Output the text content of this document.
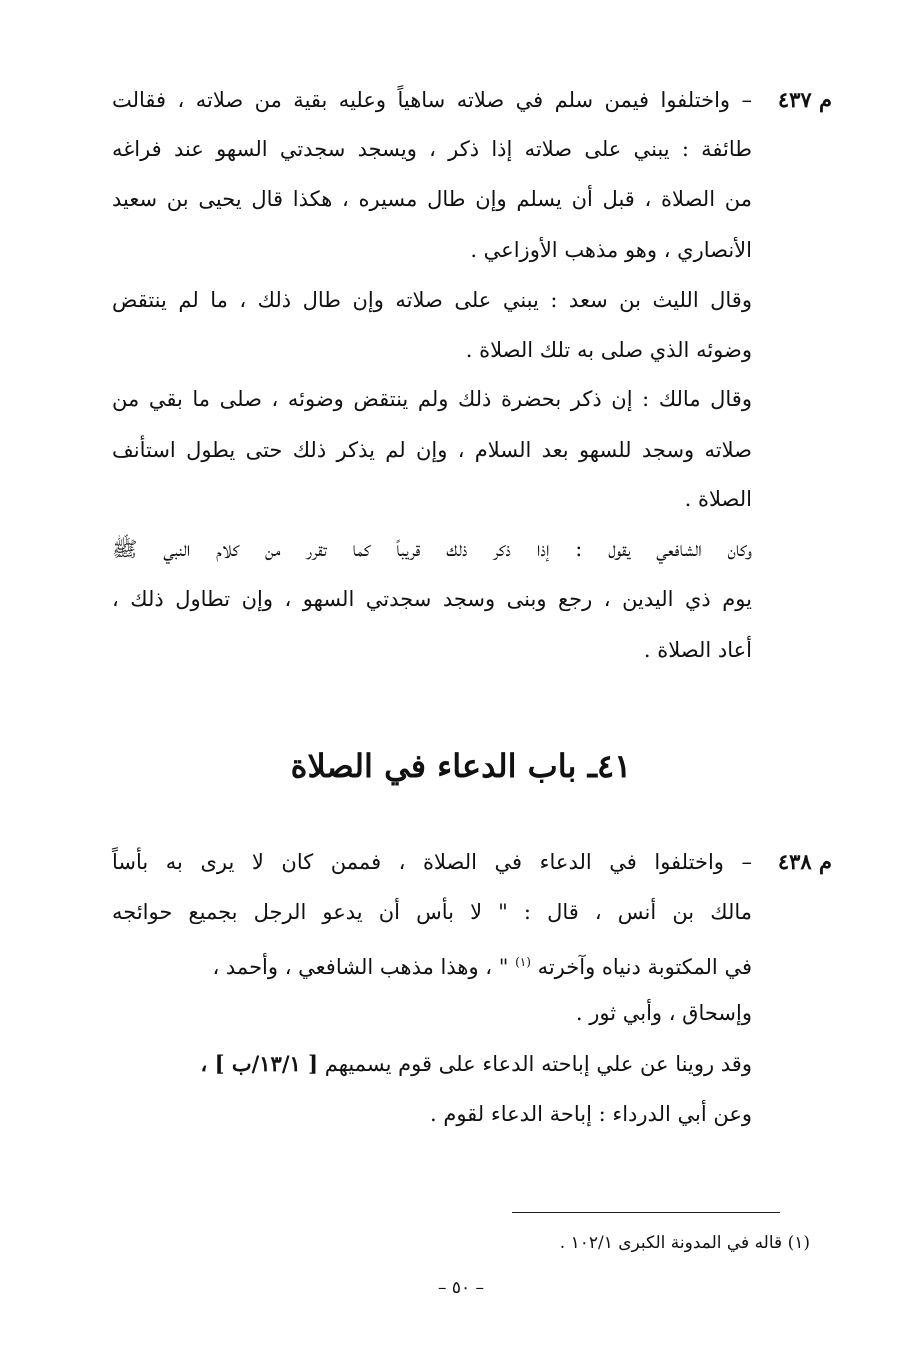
م ٤٣٧
– واختلفوا فيمن سلم في صلاته ساهياً وعليه بقية من صلاته ، فقالت
طائفة : يبني على صلاته إذا ذكر ، ويسجد سجدتي السهو عند فراغه
من الصلاة ، قبل أن يسلم وإن طال مسيره ، هكذا قال يحيى بن سعيد
الأنصاري ، وهو مذهب الأوزاعي .
وقال الليث بن سعد : يبني على صلاته وإن طال ذلك ، ما لم ينتقض
وضوئه الذي صلى به تلك الصلاة .
وقال مالك : إن ذكر بحضرة ذلك ولم ينتقض وضوئه ، صلى ما بقي من
صلاته وسجد للسهو بعد السلام ، وإن لم يذكر ذلك حتى يطول استأنف
الصلاة .
وكان الشافعي يقول : إذا ذكر ذلك قريباً كما تقرر من كلام النبي ﷺ
يوم ذي اليدين ، رجع وبنى وسجد سجدتي السهو ، وإن تطاول ذلك ،
أعاد الصلاة .
٤١ـ باب الدعاء في الصلاة
م ٤٣٨
– واختلفوا في الدعاء في الصلاة ، فممن كان لا يرى به بأساً
مالك بن أنس ، قال : " لا بأس أن يدعو الرجل بجميع حوائجه
في المكتوبة دنياه وآخرته $^{(١)}$ " ، وهذا مذهب الشافعي ، وأحمد ،
وإسحاق ، وأبي ثور .
وقد روينا عن علي إباحته الدعاء على قوم يسميهم [ ١٣/١/ب ] ،
وعن أبي الدرداء : إباحة الدعاء لقوم .
(١) قاله في المدونة الكبرى ١٠٢/١ .
– ٥٠ –
